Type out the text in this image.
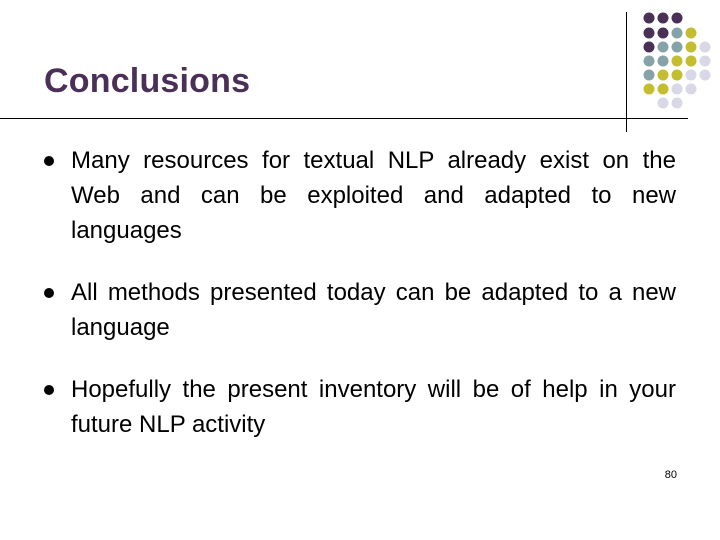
Conclusions
Many resources for textual NLP already exist on the Web and can be exploited and adapted to new languages
All methods presented today can be adapted to a new language
Hopefully the present inventory will be of help in your future NLP activity
80
